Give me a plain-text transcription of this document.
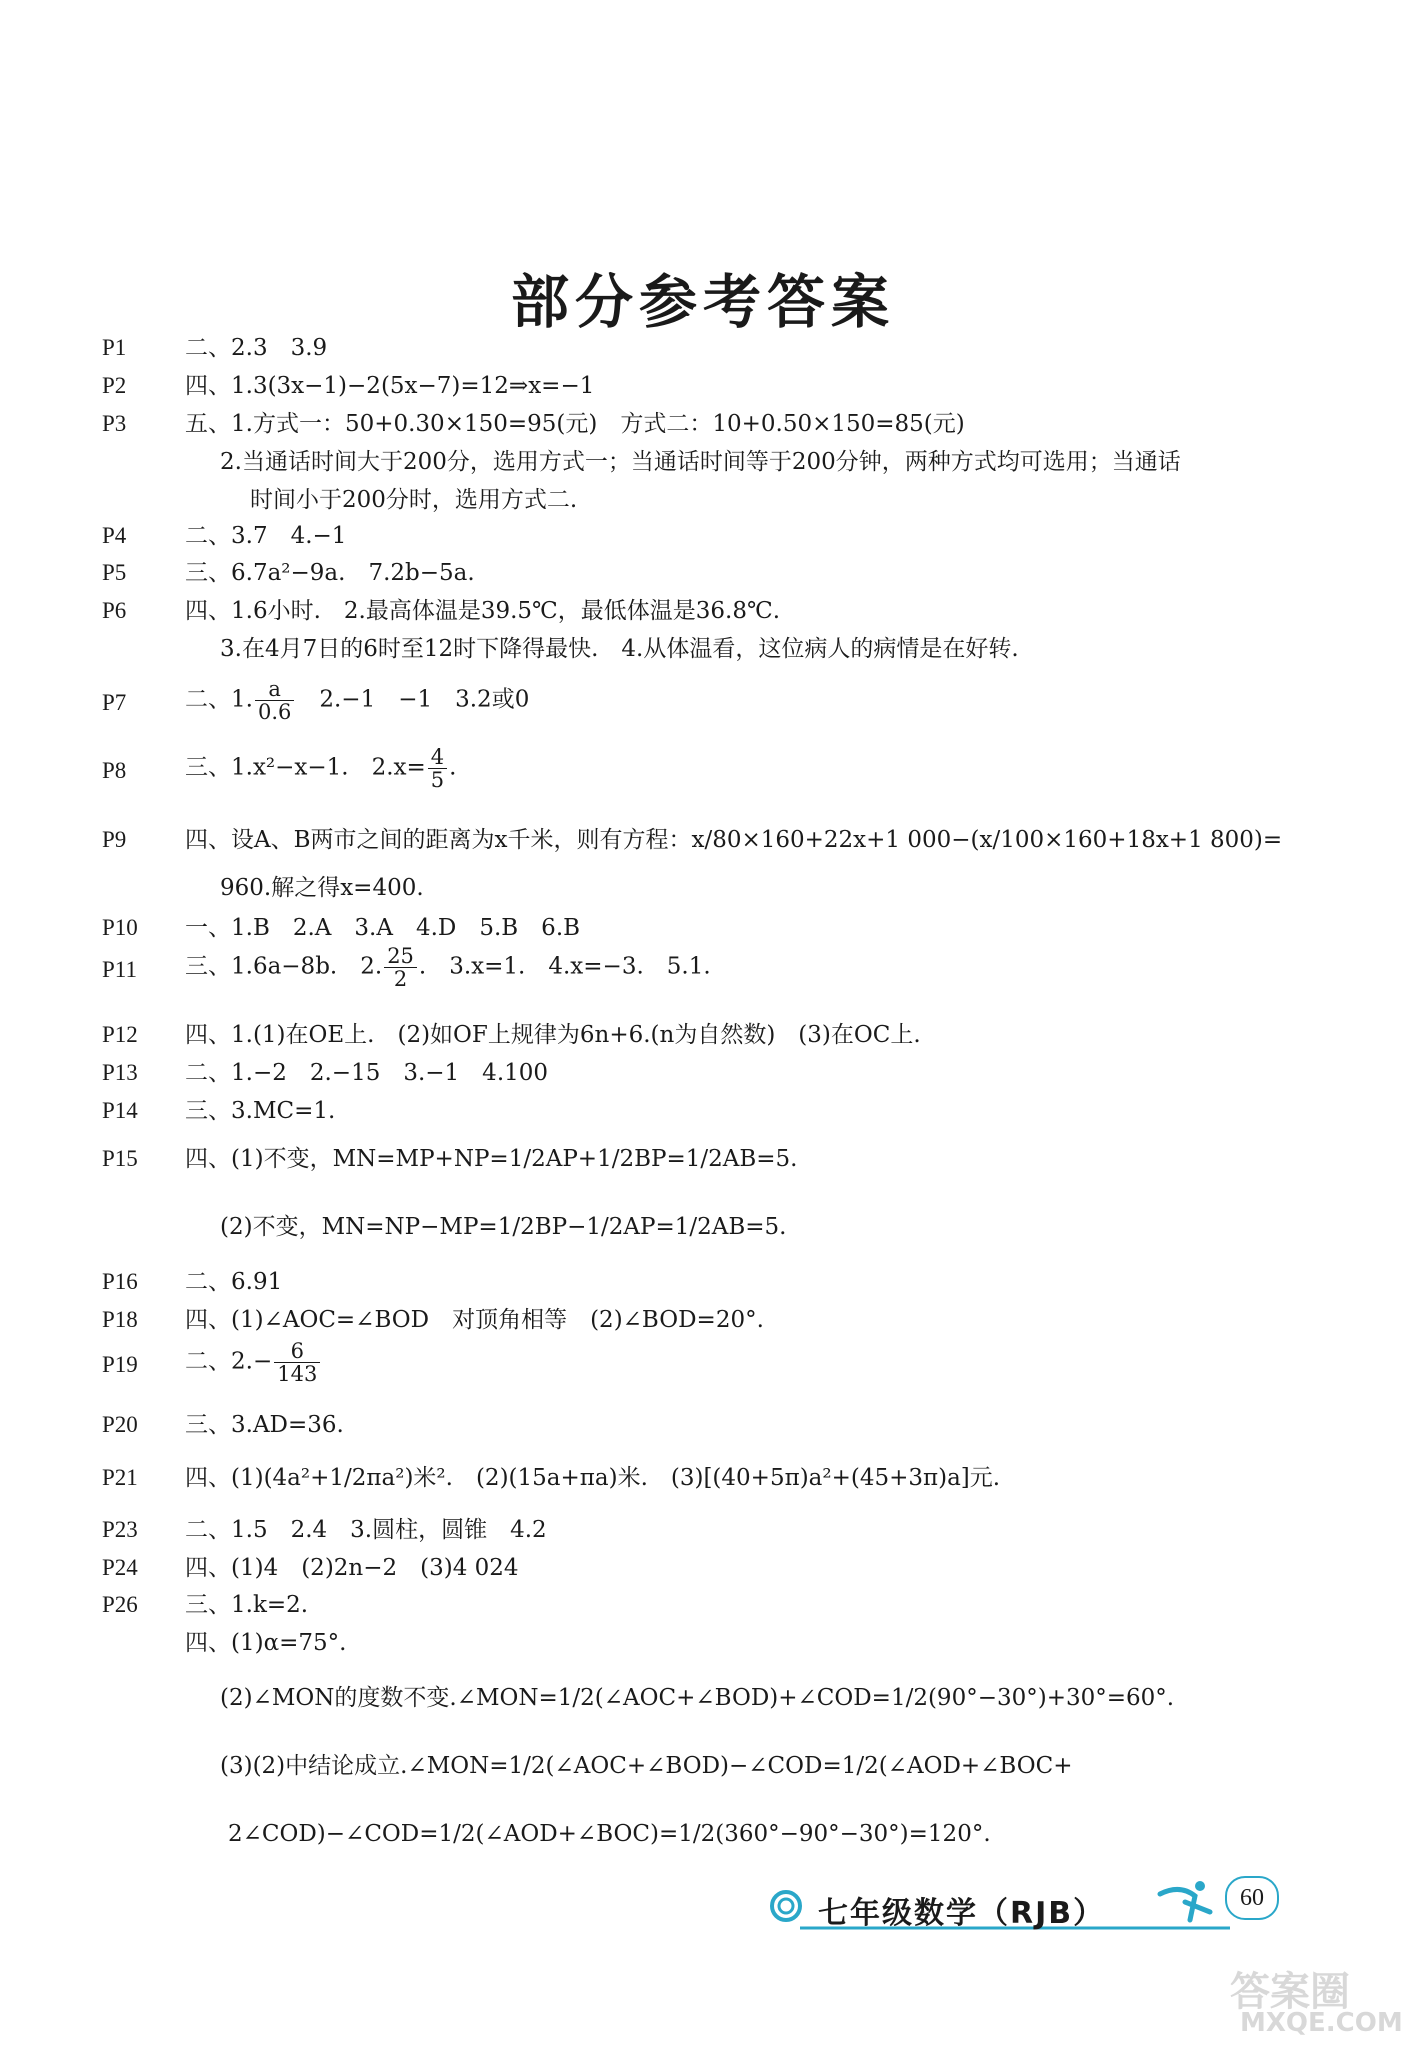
部分参考答案
P1	二、2.3　3.9
P2	四、1.3(3x−1)−2(5x−7)=12⇒x=−1
P3	五、1.方式一：50+0.30×150=95(元)　方式二：10+0.50×150=85(元)
2.当通话时间大于200分，选用方式一；当通话时间等于200分钟，两种方式均可选用；当通话
时间小于200分时，选用方式二.
P4	二、3.7　4.−1
P5	三、6.7a²−9a.　7.2b−5a.
P6	四、1.6小时.　2.最高体温是39.5℃，最低体温是36.8℃.
3.在4月7日的6时至12时下降得最快.　4.从体温看，这位病人的病情是在好转.
P7	二、1. $\frac{a}{0.6}$ 　2.−1　−1　3.2或0
P8	三、1.x²−x−1.　$2.x= \frac{4}{5}$ .
P9	四、设A、B两市之间的距离为x千米，则有方程：x/80×160+22x+1 000−(x/100×160+18x+1 800)=
960.解之得x=400.
P10 一、1.B　2.A　3.A　4.D　5.B　6.B
P11 三、1.6a−8b.　2. $\frac{25}{2}$ .　3.x=1.　4.x=−3.　5.1.
P12 四、1.(1)在OE上.　(2)如OF上规律为6n+6.(n为自然数)　(3)在OC上.
P13 二、1.−2　2.−15　3.−1　4.100
P14 三、3.MC=1.
P15 四、(1)不变，MN=MP+NP=1/2AP+1/2BP=1/2AB=5.
(2)不变，MN=NP−MP=1/2BP−1/2AP=1/2AB=5.
P16 二、6.91
P18 四、(1)∠AOC=∠BOD　对顶角相等　(2)∠BOD=20°.
P19 二、$2.- \frac{6}{143}$
P20 三、3.AD=36.
P21 四、(1)(4a²+1/2πa²)米².　(2)(15a+πa)米.　(3)[(40+5π)a²+(45+3π)a]元.
P23 二、1.5　2.4　3.圆柱，圆锥　4.2
P24 四、(1)4　(2)2n−2　(3)4 024
P26 三、1.k=2.
四、(1)α=75°.
(2)∠MON的度数不变.∠MON=1/2(∠AOC+∠BOD)+∠COD=1/2(90°−30°)+30°=60°.
(3)(2)中结论成立.∠MON=1/2(∠AOC+∠BOD)−∠COD=1/2(∠AOD+∠BOC+
2∠COD)−∠COD=1/2(∠AOD+∠BOC)=1/2(360°−90°−30°)=120°.
七年级数学（RJB）	60
答案圈
MXQE.COM
